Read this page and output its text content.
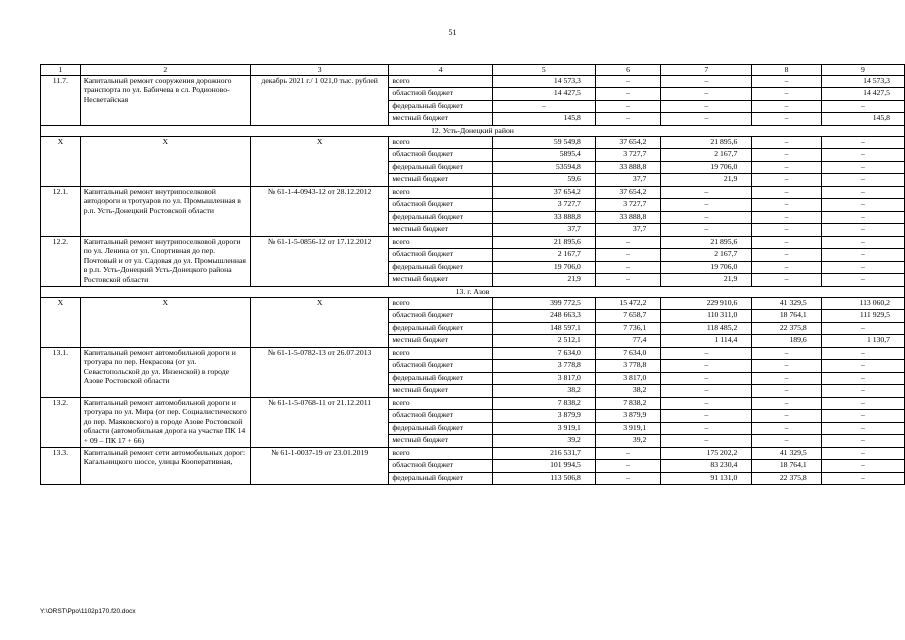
51
1	2	3	4	5	6	7	8	9
11.7.	Капитальный ремонт сооружения дорожного транспорта по ул. Бабичева в сл. Родионово-Несветайская	декабрь 2021 г./ 1 021,0 тыс. рублей	всего	14 573,3	–	–	–	14 573,3
			областной бюджет	14 427,5	–	–	–	14 427,5
			федеральный бюджет	–	–	–	–	–
			местный бюджет	145,8	–	–	–	145,8
12. Усть-Донецкий район								
Х	Х	Х	всего	59 549,8	37 654,2	21 895,6	–	–
			областной бюджет	5895,4	3 727,7	2 167,7	–	–
			федеральный бюджет	53594,8	33 888,8	19 706,0	–	–
			местный бюджет	59,6	37,7	21,9	–	–
12.1.	Капитальный ремонт внутрипоселковой автодороги и тротуаров по ул. Промышленная в р.п. Усть-Донецкий Ростовской области	№ 61-1-4-0943-12 от 28.12.2012	всего	37 654,2	37 654,2	–	–	–
			областной бюджет	3 727,7	3 727,7	–	–	–
			федеральный бюджет	33 888,8	33 888,8	–	–	–
			местный бюджет	37,7	37,7	–	–	–
12.2.	Капитальный ремонт внутрипоселковой дороги по ул. Ленина от ул. Спортивная до пер. Почтовый и от ул. Садовая до ул. Промышленная в р.п. Усть-Донецкий Усть-Донецкого района Ростовской области	№ 61-1-5-0856-12 от 17.12.2012	всего	21 895,6	–	21 895,6	–	–
			областной бюджет	2 167,7	–	2 167,7	–	–
			федеральный бюджет	19 706,0	–	19 706,0	–	–
			местный бюджет	21,9	–	21,9	–	–
13. г. Азов								
Х	Х	Х	всего	399 772,5	15 472,2	229 910,6	41 329,5	113 060,2
			областной бюджет	248 663,3	7 658,7	110 311,0	18 764,1	111 929,5
			федеральный бюджет	148 597,1	7 736,1	118 485,2	22 375,8	–
			местный бюджет	2 512,1	77,4	1 114,4	189,6	1 130,7
13.1.	Капитальный ремонт автомобильной дороги и тротуара по пер. Некрасова (от ул. Севастопольской до ул. Инзенской) в городе Азове Ростовской области	№ 61-1-5-0782-13 от 26.07.2013	всего	7 634,0	7 634,0	–	–	–
			областной бюджет	3 778,8	3 778,8	–	–	–
			федеральный бюджет	3 817,0	3 817,0	–	–	–
			местный бюджет	38,2	38,2	–	–	–
13.2.	Капитальный ремонт автомобильной дороги и тротуара по ул. Мира (от пер. Социалистического до пер. Маяковского) в городе Азове Ростовской области (автомобильная дорога на участке ПК 14 + 09 – ПК 17 + 66)	№ 61-1-5-0768-11 от 21.12.2011	всего	7 838,2	7 838,2	–	–	–
			областной бюджет	3 879,9	3 879,9	–	–	–
			федеральный бюджет	3 919,1	3 919,1	–	–	–
			местный бюджет	39,2	39,2	–	–	–
13.3.	Капитальный ремонт сети автомобильных дорог: Кагальницкого шоссе, улицы Кооперативная,	№ 61-1-0037-19 от 23.01.2019	всего	216 531,7	–	175 202,2	41 329,5	–
			областной бюджет	101 994,5	–	83 230,4	18 764,1	–
			федеральный бюджет	113 506,8	–	91 131,0	22 375,8	–
Y:\ORST\Ppo\1102p170.f20.docx
